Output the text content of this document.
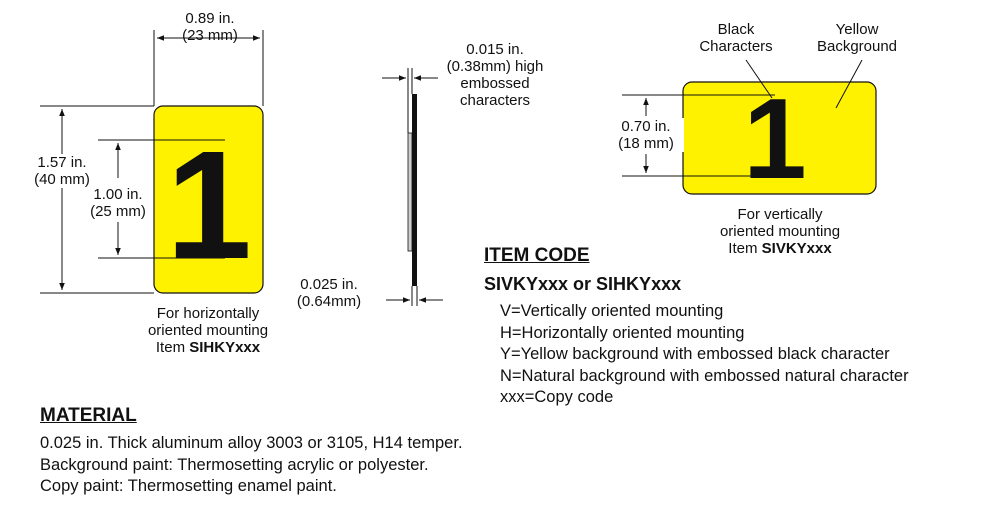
1	1
0.89 in.
(23 mm)
1.57 in.
(40 mm)
1.00 in.
(25 mm)
For horizontally
oriented mounting
Item SIHKYxxx
0.015 in.
(0.38mm) high
embossed
characters
0.025 in.
(0.64mm)
Black
Characters
Yellow
Background
0.70 in.
(18 mm)
For vertically
oriented mounting
Item SIVKYxxx
ITEM CODE
SIVKYxxx or SIHKYxxx
V=Vertically oriented mounting
H=Horizontally oriented mounting
Y=Yellow background with embossed black character
N=Natural background with embossed natural character
xxx=Copy code
MATERIAL
0.025 in. Thick aluminum alloy 3003 or 3105, H14 temper.
Background paint: Thermosetting acrylic or polyester.
Copy paint: Thermosetting enamel paint.
